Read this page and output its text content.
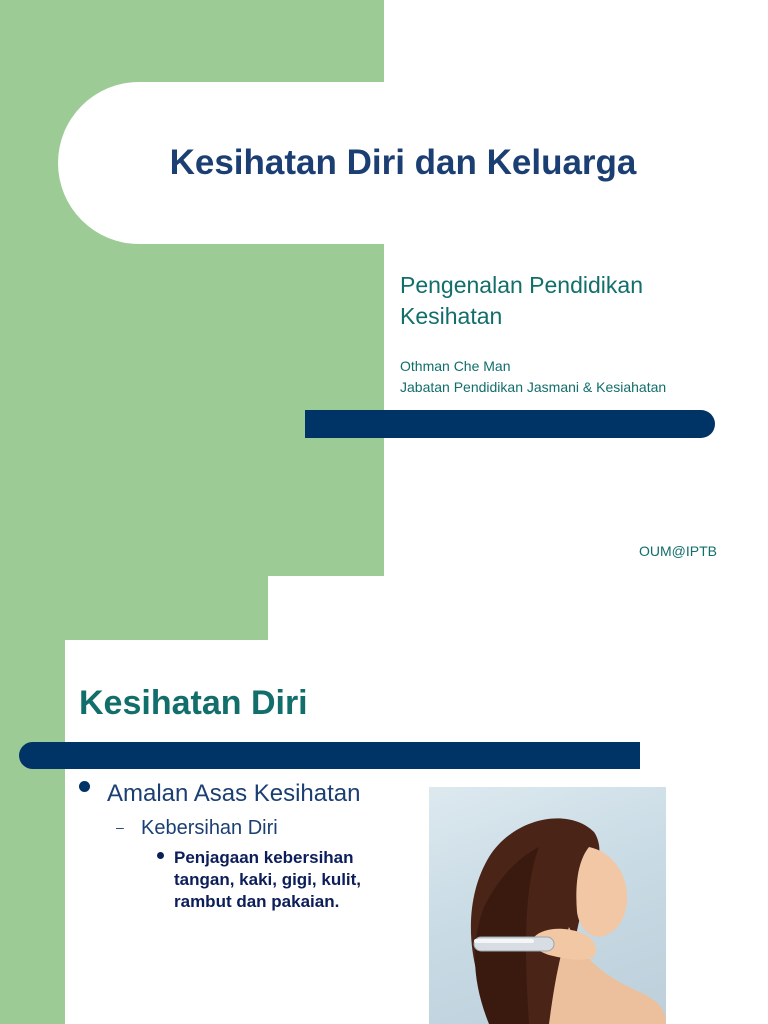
Kesihatan Diri dan Keluarga
Pengenalan Pendidikan Kesihatan
Othman Che Man
Jabatan Pendidikan Jasmani & Kesiahatan
OUM@IPTB
Kesihatan Diri
Amalan Asas Kesihatan
– Kebersihan Diri
Penjagaan kebersihan tangan, kaki, gigi, kulit, rambut dan pakaian.
